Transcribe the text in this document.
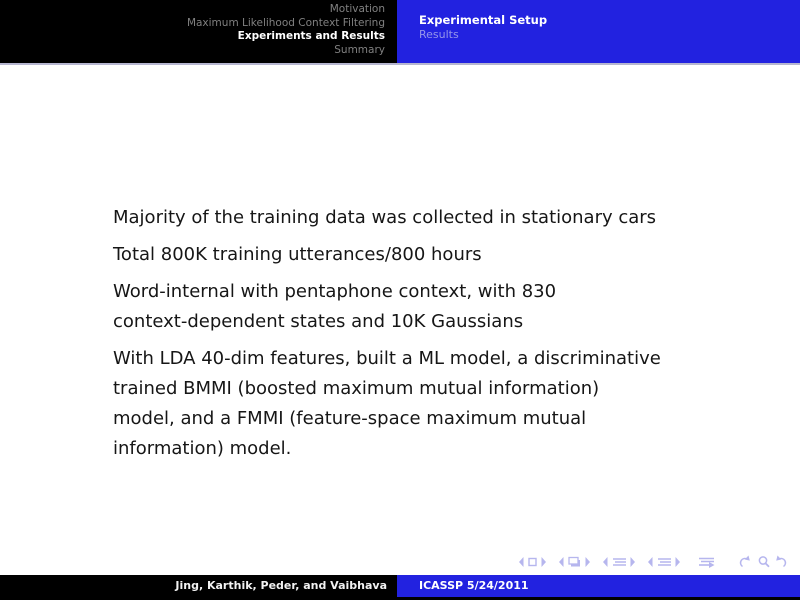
Motivation
Maximum Likelihood Context Filtering
Experiments and Results
Summary
Experimental Setup
Results
Majority of the training data was collected in stationary cars
Total 800K training utterances/800 hours
Word-internal with pentaphone context, with 830
context-dependent states and 10K Gaussians
With LDA 40-dim features, built a ML model, a discriminative
trained BMMI (boosted maximum mutual information)
model, and a FMMI (feature-space maximum mutual
information) model.
Jing, Karthik, Peder, and Vaibhava	ICASSP 5/24/2011
